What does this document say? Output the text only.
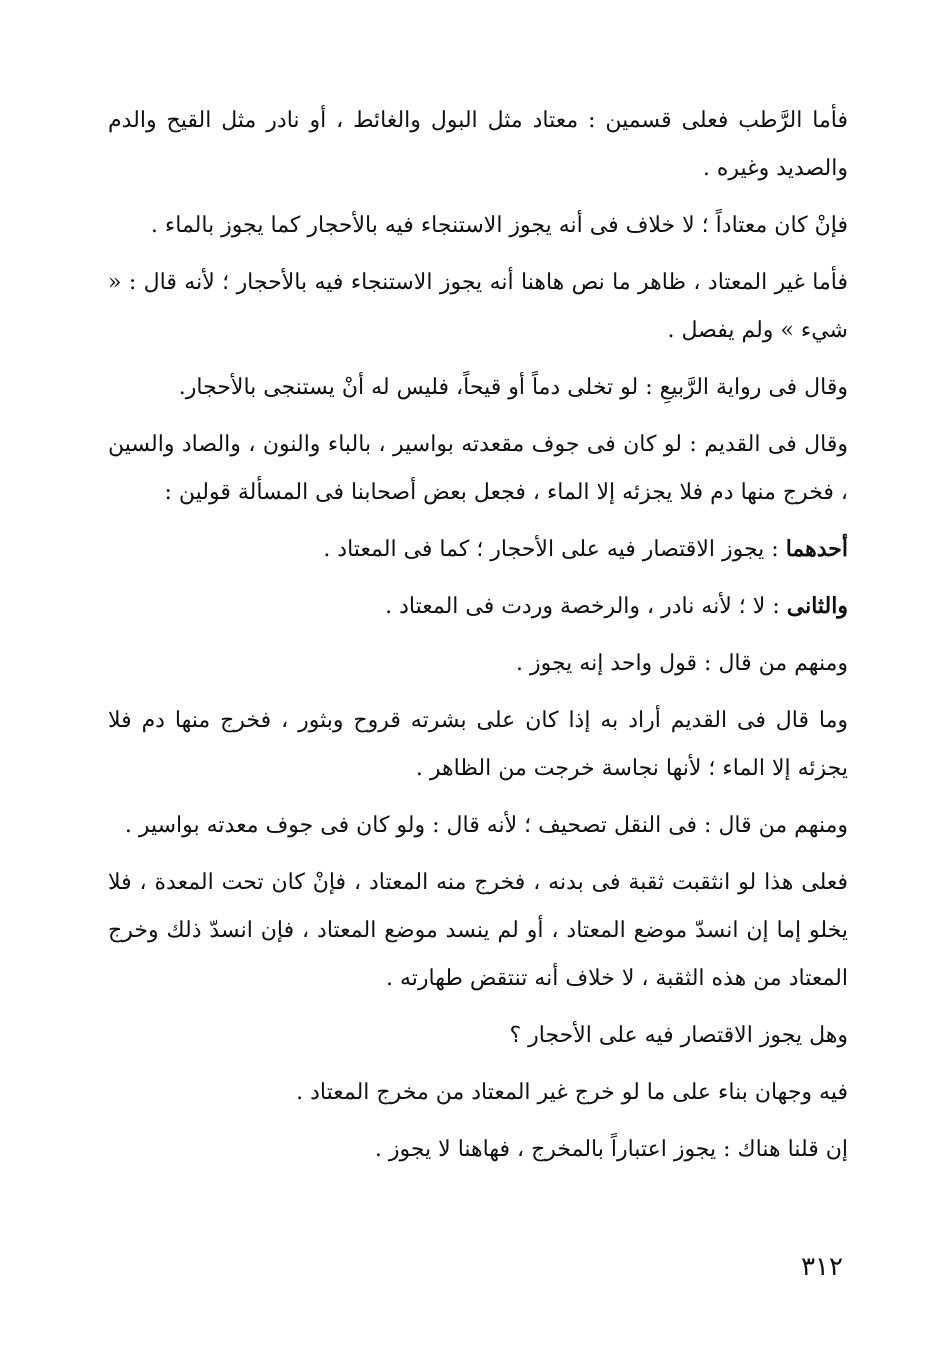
فأما الرَّطب فعلى قسمين : معتاد مثل البول والغائط ، أو نادر مثل القيح والدم والصديد وغيره .

فإنْ كان معتاداً ؛ لا خلاف فى أنه يجوز الاستنجاء فيه بالأحجار كما يجوز بالماء .

فأما غير المعتاد ، ظاهر ما نص هاهنا أنه يجوز الاستنجاء فيه بالأحجار ؛ لأنه قال : « شيء » ولم يفصل .

وقال فى رواية الرَّبيعِ : لو تخلى دماً أو قيحاً، فليس له أنْ يستنجى بالأحجار.

وقال فى القديم : لو كان فى جوف مقعدته بواسير ، بالباء والنون ، والصاد والسين ، فخرج منها دم فلا يجزئه إلا الماء ، فجعل بعض أصحابنا فى المسألة قولين :

أحدهما : يجوز الاقتصار فيه على الأحجار ؛ كما فى المعتاد .

والثانى : لا ؛ لأنه نادر ، والرخصة وردت فى المعتاد .

ومنهم من قال : قول واحد إنه يجوز .

وما قال فى القديم أراد به إذا كان على بشرته قروح وبثور ، فخرج منها دم فلا يجزئه إلا الماء ؛ لأنها نجاسة خرجت من الظاهر .

ومنهم من قال : فى النقل تصحيف ؛ لأنه قال : ولو كان فى جوف معدته بواسير .

فعلى هذا لو انثقبت ثقبة فى بدنه ، فخرج منه المعتاد ، فإنْ كان تحت المعدة ، فلا يخلو إما إن انسدّ موضع المعتاد ، أو لم ينسد موضع المعتاد ، فإن انسدّ ذلك وخرج المعتاد من هذه الثقبة ، لا خلاف أنه تنتقض طهارته .

وهل يجوز الاقتصار فيه على الأحجار ؟

فيه وجهان بناء على ما لو خرج غير المعتاد من مخرج المعتاد .

إن قلنا هناك : يجوز اعتباراً بالمخرج ، فهاهنا لا يجوز .

٣١٢
